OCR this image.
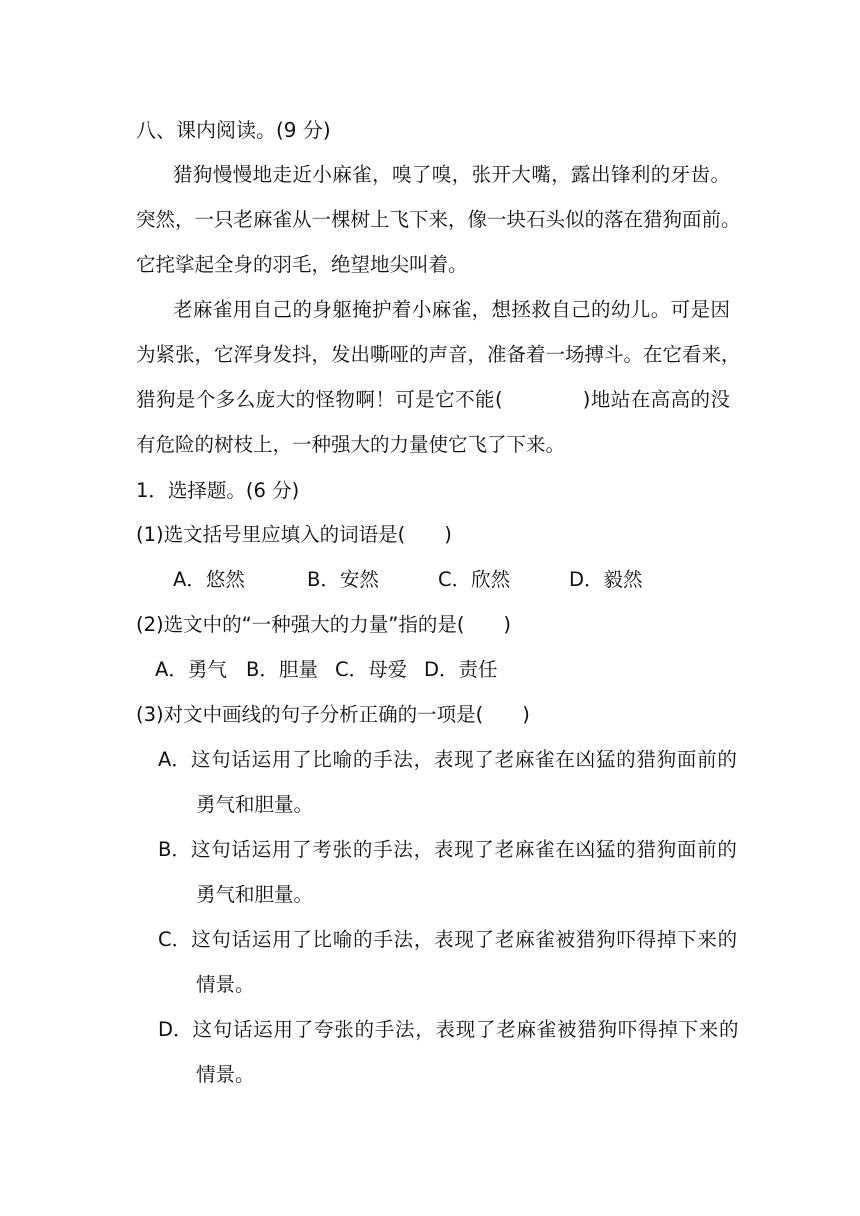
八、课内阅读。(9 分)
猎狗慢慢地走近小麻雀，嗅了嗅，张开大嘴，露出锋利的牙齿。
突然，一只老麻雀从一棵树上飞下来，像一块石头似的落在猎狗面前。
它挓挲起全身的羽毛，绝望地尖叫着。
老麻雀用自己的身躯掩护着小麻雀，想拯救自己的幼儿。可是因
为紧张，它浑身发抖，发出嘶哑的声音，准备着一场搏斗。在它看来，
猎狗是个多么庞大的怪物啊！可是它不能(　　　　)地站在高高的没
有危险的树枝上，一种强大的力量使它飞了下来。
1．选择题。(6 分)
(1)选文括号里应填入的词语是(　　)
A．悠然	B．安然	C．欣然	D．毅然
(2)选文中的“一种强大的力量”指的是(　　)
A．勇气 B．胆量 C．母爱 D．责任
(3)对文中画线的句子分析正确的一项是(　　)
A．这句话运用了比喻的手法，表现了老麻雀在凶猛的猎狗面前的
勇气和胆量。
B．这句话运用了考张的手法，表现了老麻雀在凶猛的猎狗面前的
勇气和胆量。
C．这句话运用了比喻的手法，表现了老麻雀被猎狗吓得掉下来的
情景。
D．这句话运用了夸张的手法，表现了老麻雀被猎狗吓得掉下来的
情景。
